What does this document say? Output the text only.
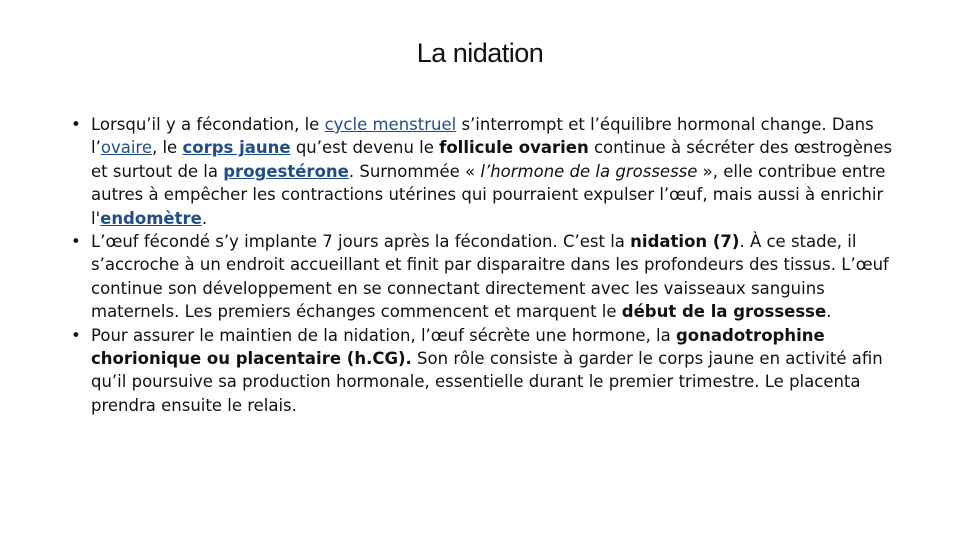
La nidation

• Lorsqu’il y a fécondation, le cycle menstruel s’interrompt et l’équilibre hormonal change. Dans l’ovaire, le corps jaune qu’est devenu le follicule ovarien continue à sécréter des œstrogènes et surtout de la progestérone. Surnommée « l’hormone de la grossesse », elle contribue entre autres à empêcher les contractions utérines qui pourraient expulser l’œuf, mais aussi à enrichir l'endomètre.

• L’œuf fécondé s’y implante 7 jours après la fécondation. C’est la nidation (7). À ce stade, il s’accroche à un endroit accueillant et finit par disparaitre dans les profondeurs des tissus. L’œuf continue son développement en se connectant directement avec les vaisseaux sanguins maternels. Les premiers échanges commencent et marquent le début de la grossesse.

• Pour assurer le maintien de la nidation, l’œuf sécrète une hormone, la gonadotrophine chorionique ou placentaire (h.CG). Son rôle consiste à garder le corps jaune en activité afin qu’il poursuive sa production hormonale, essentielle durant le premier trimestre. Le placenta prendra ensuite le relais.
